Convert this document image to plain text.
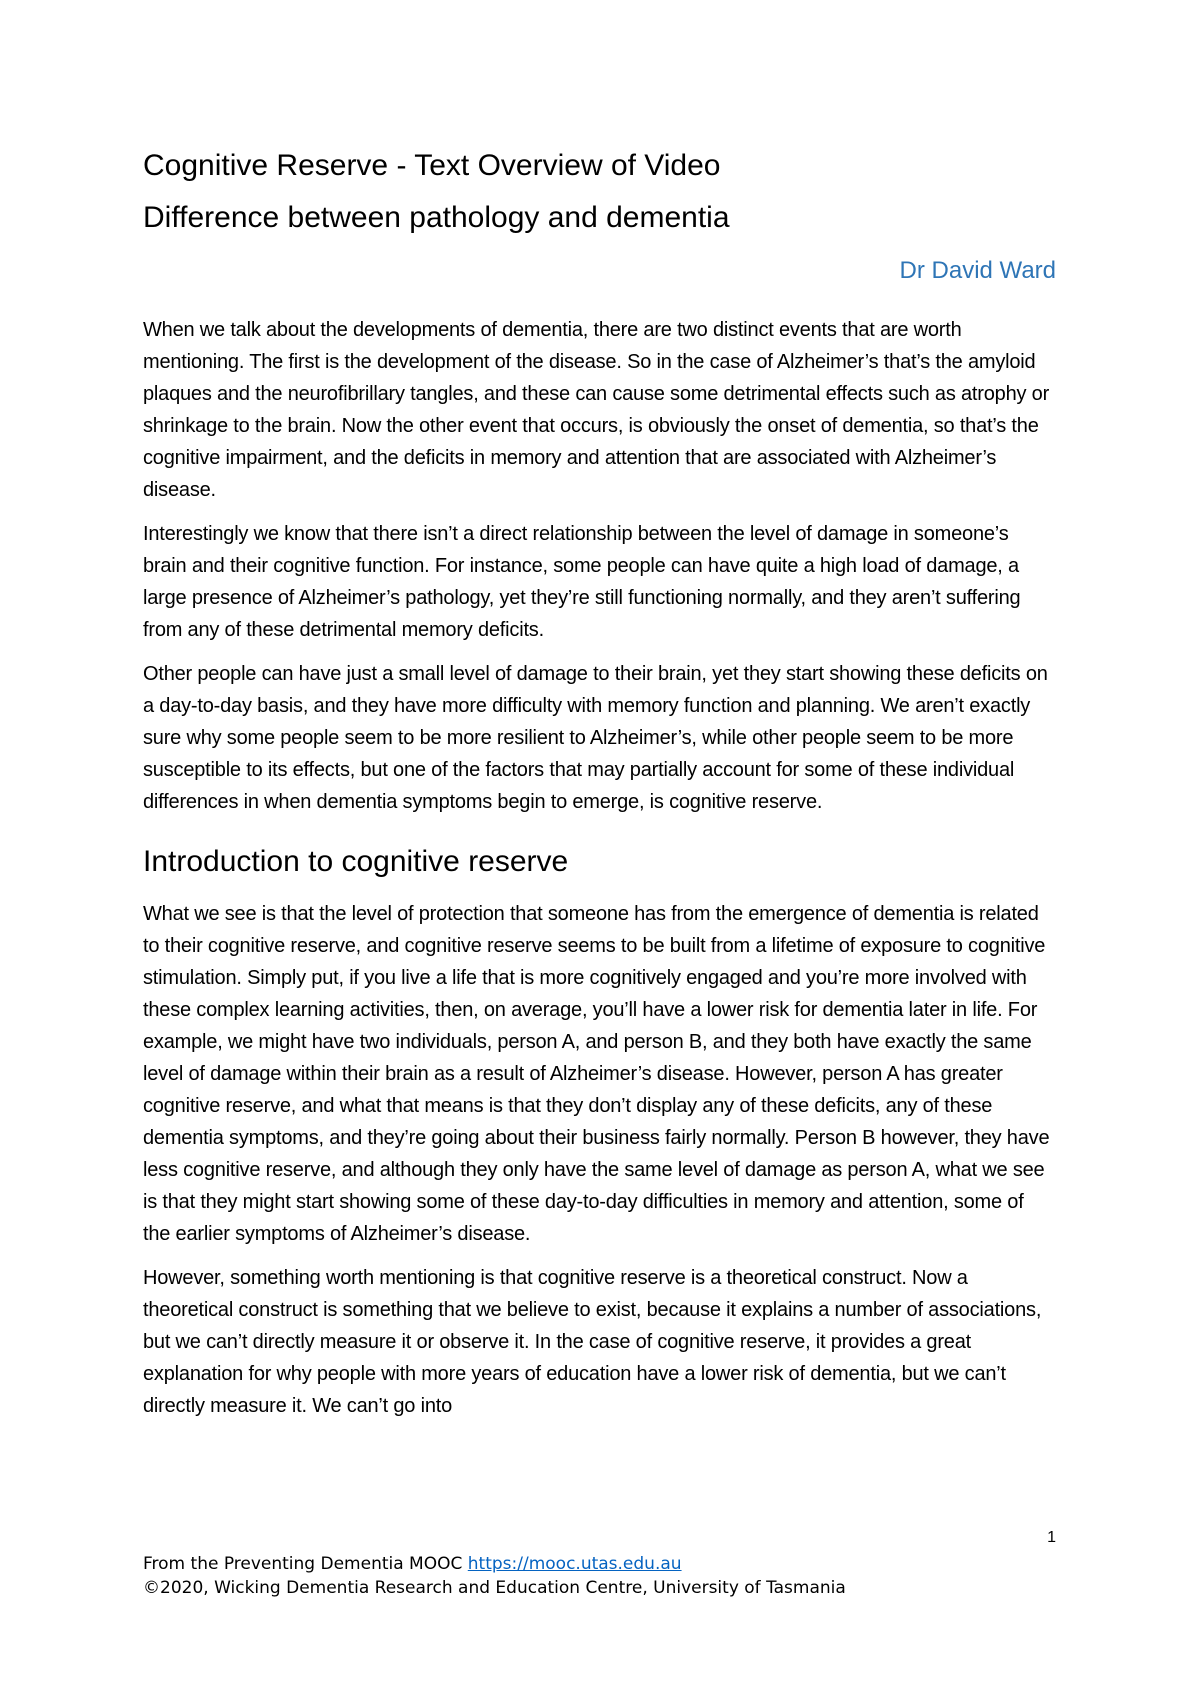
Cognitive Reserve - Text Overview of Video
Difference between pathology and dementia
Dr David Ward

When we talk about the developments of dementia, there are two distinct events that are worth mentioning. The first is the development of the disease. So in the case of Alzheimer’s that’s the amyloid plaques and the neurofibrillary tangles, and these can cause some detrimental effects such as atrophy or shrinkage to the brain. Now the other event that occurs, is obviously the onset of dementia, so that’s the cognitive impairment, and the deficits in memory and attention that are associated with Alzheimer’s disease.

Interestingly we know that there isn’t a direct relationship between the level of damage in someone’s brain and their cognitive function. For instance, some people can have quite a high load of damage, a large presence of Alzheimer’s pathology, yet they’re still functioning normally, and they aren’t suffering from any of these detrimental memory deficits.

Other people can have just a small level of damage to their brain, yet they start showing these deficits on a day-to-day basis, and they have more difficulty with memory function and planning. We aren’t exactly sure why some people seem to be more resilient to Alzheimer’s, while other people seem to be more susceptible to its effects, but one of the factors that may partially account for some of these individual differences in when dementia symptoms begin to emerge, is cognitive reserve.

Introduction to cognitive reserve

What we see is that the level of protection that someone has from the emergence of dementia is related to their cognitive reserve, and cognitive reserve seems to be built from a lifetime of exposure to cognitive stimulation. Simply put, if you live a life that is more cognitively engaged and you’re more involved with these complex learning activities, then, on average, you’ll have a lower risk for dementia later in life. For example, we might have two individuals, person A, and person B, and they both have exactly the same level of damage within their brain as a result of Alzheimer’s disease. However, person A has greater cognitive reserve, and what that means is that they don’t display any of these deficits, any of these dementia symptoms, and they’re going about their business fairly normally. Person B however, they have less cognitive reserve, and although they only have the same level of damage as person A, what we see is that they might start showing some of these day-to-day difficulties in memory and attention, some of the earlier symptoms of Alzheimer’s disease.

However, something worth mentioning is that cognitive reserve is a theoretical construct. Now a theoretical construct is something that we believe to exist, because it explains a number of associations, but we can’t directly measure it or observe it. In the case of cognitive reserve, it provides a great explanation for why people with more years of education have a lower risk of dementia, but we can’t directly measure it. We can’t go into

1
From the Preventing Dementia MOOC https://mooc.utas.edu.au
©2020, Wicking Dementia Research and Education Centre, University of Tasmania
